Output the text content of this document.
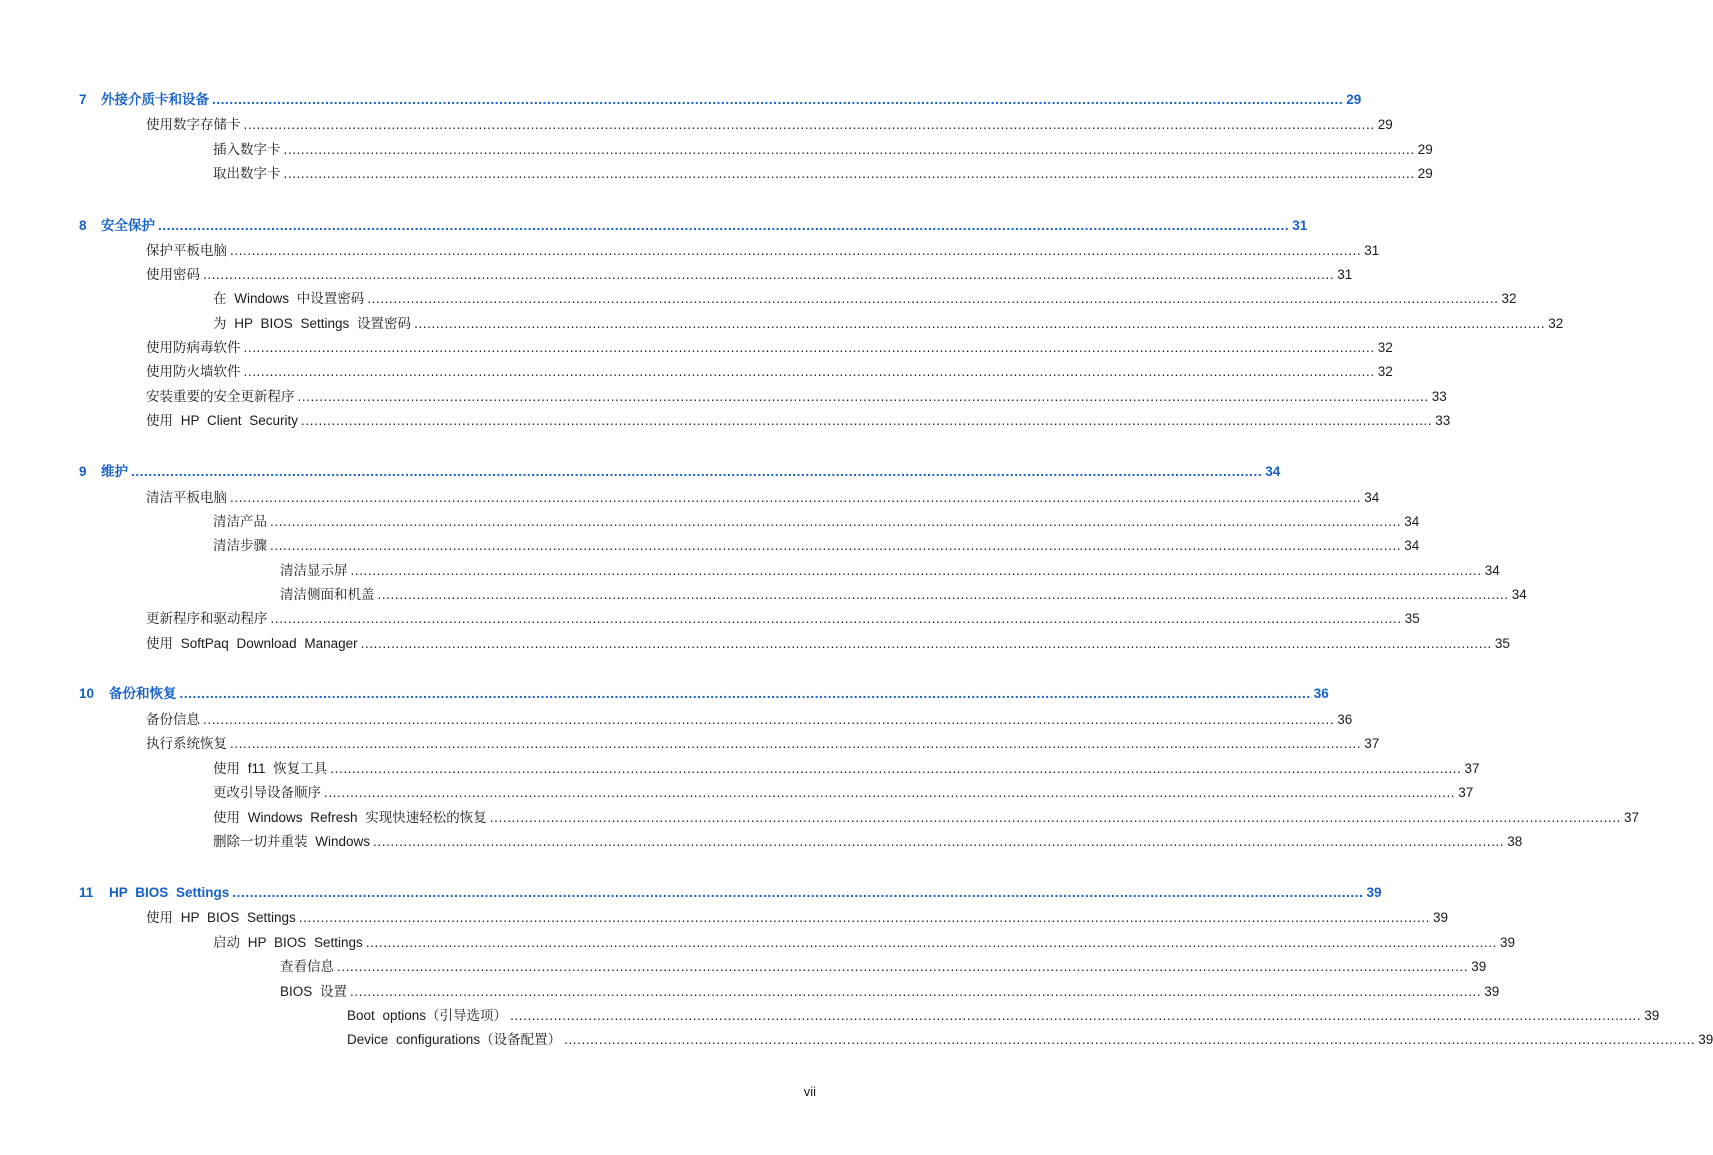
7	外接介质卡和设备 .................................................................................................................................................................................................................................................................... 29
使用数字存储卡 .................................................................................................................................................................................................................................................................... 29
插入数字卡 .................................................................................................................................................................................................................................................................... 29
取出数字卡 .................................................................................................................................................................................................................................................................... 29
8	安全保护 .................................................................................................................................................................................................................................................................... 31
保护平板电脑 .................................................................................................................................................................................................................................................................... 31
使用密码 .................................................................................................................................................................................................................................................................... 31
在 Windows 中设置密码 .................................................................................................................................................................................................................................................................... 32
为 HP BIOS Settings 设置密码 .................................................................................................................................................................................................................................................................... 32
使用防病毒软件 .................................................................................................................................................................................................................................................................... 32
使用防火墙软件 .................................................................................................................................................................................................................................................................... 32
安装重要的安全更新程序 .................................................................................................................................................................................................................................................................... 33
使用 HP Client Security .................................................................................................................................................................................................................................................................... 33
9	维护 .................................................................................................................................................................................................................................................................... 34
清洁平板电脑 .................................................................................................................................................................................................................................................................... 34
清洁产品 .................................................................................................................................................................................................................................................................... 34
清洁步骤 .................................................................................................................................................................................................................................................................... 34
清洁显示屏 .................................................................................................................................................................................................................................................................... 34
清洁侧面和机盖 .................................................................................................................................................................................................................................................................... 34
更新程序和驱动程序 .................................................................................................................................................................................................................................................................... 35
使用 SoftPaq Download Manager .................................................................................................................................................................................................................................................................... 35
10	备份和恢复 .................................................................................................................................................................................................................................................................... 36
备份信息 .................................................................................................................................................................................................................................................................... 36
执行系统恢复 .................................................................................................................................................................................................................................................................... 37
使用 f11 恢复工具 .................................................................................................................................................................................................................................................................... 37
更改引导设备顺序 .................................................................................................................................................................................................................................................................... 37
使用 Windows Refresh 实现快速轻松的恢复 .................................................................................................................................................................................................................................................................... 37
删除一切并重装 Windows .................................................................................................................................................................................................................................................................... 38
11	HP BIOS Settings .................................................................................................................................................................................................................................................................... 39
使用 HP BIOS Settings .................................................................................................................................................................................................................................................................... 39
启动 HP BIOS Settings .................................................................................................................................................................................................................................................................... 39
查看信息 .................................................................................................................................................................................................................................................................... 39
BIOS 设置 .................................................................................................................................................................................................................................................................... 39
Boot options（引导选项） .................................................................................................................................................................................................................................................................... 39
Device configurations（设备配置） .................................................................................................................................................................................................................................................................... 39
vii
